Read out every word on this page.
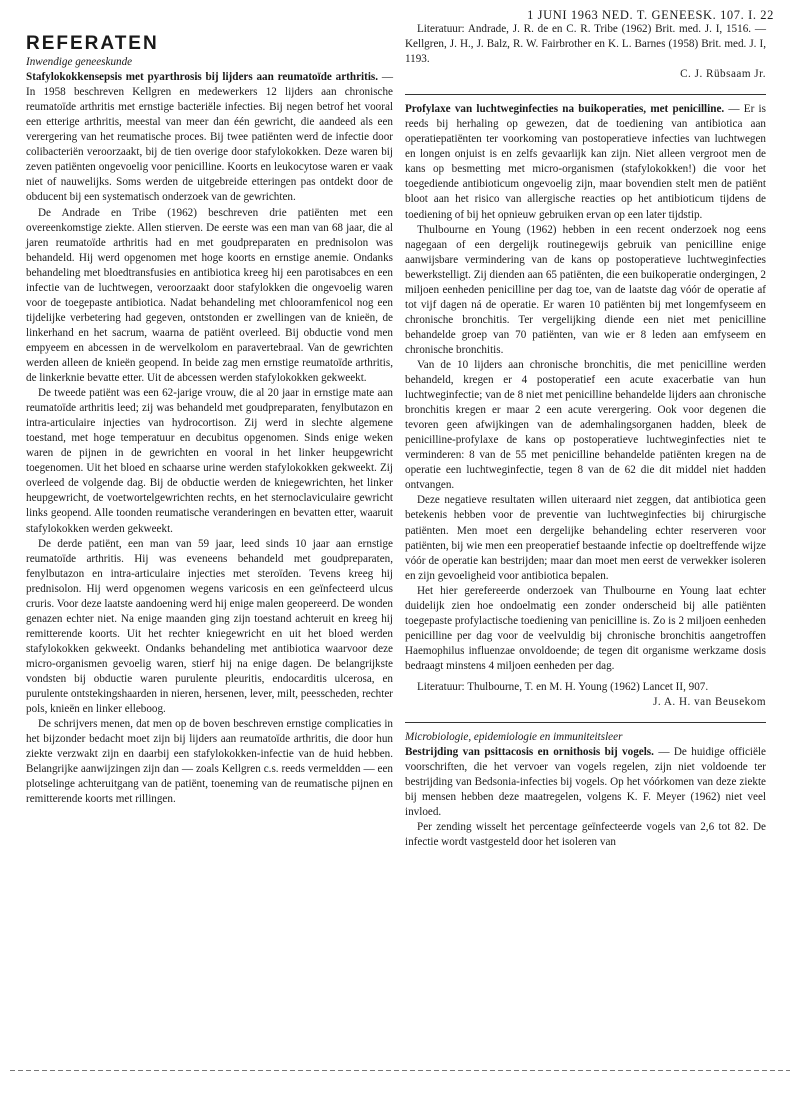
1 JUNI 1963 NED. T. GENEESK. 107. I. 22
REFERATEN

Inwendige geneeskunde

Stafylokokkensepsis met pyarthrosis bij lijders aan reumatoïde arthritis. — In 1958 beschreven Kellgren en medewerkers 12 lijders aan chronische reumatoïde arthritis met ernstige bacteriële infecties. Bij negen betrof het vooral een etterige arthritis, meestal van meer dan één gewricht, die aandeed als een verergering van het reumatische proces. Bij twee patiënten werd de infectie door colibacteriën veroorzaakt, bij de tien overige door stafylokokken. Deze waren bij zeven patiënten ongevoelig voor penicilline. Koorts en leukocytose waren er vaak niet of nauwelijks. Soms werden de uitgebreide etteringen pas ontdekt door de obducent bij een systematisch onderzoek van de gewrichten.

De Andrade en Tribe (1962) beschreven drie patiënten met een overeenkomstige ziekte. Allen stierven. De eerste was een man van 68 jaar, die al jaren reumatoïde arthritis had en met goudpreparaten en prednisolon was behandeld. Hij werd opgenomen met hoge koorts en ernstige anemie. Ondanks behandeling met bloedtransfusies en antibiotica kreeg hij een parotisabces en een infectie van de luchtwegen, veroorzaakt door stafylokken die ongevoelig waren voor de toegepaste antibiotica. Nadat behandeling met chlooramfenicol nog een tijdelijke verbetering had gegeven, ontstonden er zwellingen van de knieën, de linkerhand en het sacrum, waarna de patiënt overleed. Bij obductie vond men empyeem en abcessen in de wervelkolom en paravertebraal. Van de gewrichten werden alleen de knieën geopend. In beide zag men ernstige reumatoïde arthritis, de linkerknie bevatte etter. Uit de abcessen werden stafylokokken gekweekt.

De tweede patiënt was een 62-jarige vrouw, die al 20 jaar in ernstige mate aan reumatoïde arthritis leed; zij was behandeld met goudpreparaten, fenylbutazon en intra-articulaire injecties van hydrocortison. Zij werd in slechte algemene toestand, met hoge temperatuur en decubitus opgenomen. Sinds enige weken waren de pijnen in de gewrichten en vooral in het linker heupgewricht toegenomen. Uit het bloed en schaarse urine werden stafylokokken gekweekt. Zij overleed de volgende dag. Bij de obductie werden de kniegewrichten, het linker heupgewricht, de voetwortelgewrichten rechts, en het sternoclaviculaire gewricht links geopend. Alle toonden reumatische veranderingen en bevatten etter, waaruit stafylokokken werden gekweekt.

De derde patiënt, een man van 59 jaar, leed sinds 10 jaar aan ernstige reumatoïde arthritis. Hij was eveneens behandeld met goudpreparaten, fenylbutazon en intra-articulaire injecties met steroïden. Tevens kreeg hij prednisolon. Hij werd opgenomen wegens varicosis en een geïnfecteerd ulcus cruris. Voor deze laatste aandoening werd hij enige malen geopereerd. De wonden genazen echter niet. Na enige maanden ging zijn toestand achteruit en kreeg hij remitterende koorts. Uit het rechter kniegewricht en uit het bloed werden stafylokokken gekweekt. Ondanks behandeling met antibiotica waarvoor deze micro-organismen gevoelig waren, stierf hij na enige dagen. De belangrijkste vondsten bij obductie waren purulente pleuritis, endocarditis ulcerosa, en purulente ontstekingshaarden in nieren, hersenen, lever, milt, peesscheden, rechter pols, knieën en linker elleboog.

De schrijvers menen, dat men op de boven beschreven ernstige complicaties in het bijzonder bedacht moet zijn bij lijders aan reumatoïde arthritis, die door hun ziekte verzwakt zijn en daarbij een stafylokokken-infectie van de huid hebben. Belangrijke aanwijzingen zijn dan — zoals Kellgren c.s. reeds vermeldden — een plotselinge achteruitgang van de patiënt, toeneming van de reumatische pijnen en remitterende koorts met rillingen.

Literatuur: Andrade, J. R. de en C. R. Tribe (1962) Brit. med. J. I, 1516. — Kellgren, J. H., J. Balz, R. W. Fairbrother en K. L. Barnes (1958) Brit. med. J. I, 1193.

C. J. Rübsaam Jr.

Profylaxe van luchtweginfecties na buikoperaties, met penicilline. — Er is reeds bij herhaling op gewezen, dat de toediening van antibiotica aan operatiepatiënten ter voorkoming van postoperatieve infecties van luchtwegen en longen onjuist is en zelfs gevaarlijk kan zijn. Niet alleen vergroot men de kans op besmetting met micro-organismen (stafylokokken!) die voor het toegediende antibioticum ongevoelig zijn, maar bovendien stelt men de patiënt bloot aan het risico van allergische reacties op het antibioticum tijdens de toediening of bij het opnieuw gebruiken ervan op een later tijdstip.

Thulbourne en Young (1962) hebben in een recent onderzoek nog eens nagegaan of een dergelijk routinegewijs gebruik van penicilline enige aanwijsbare vermindering van de kans op postoperatieve luchtweginfecties bewerkstelligt. Zij dienden aan 65 patiënten, die een buikoperatie ondergingen, 2 miljoen eenheden penicilline per dag toe, van de laatste dag vóór de operatie af tot vijf dagen ná de operatie. Er waren 10 patiënten bij met longemfyseem en chronische bronchitis. Ter vergelijking diende een niet met penicilline behandelde groep van 70 patiënten, van wie er 8 leden aan emfyseem en chronische bronchitis.

Van de 10 lijders aan chronische bronchitis, die met penicilline werden behandeld, kregen er 4 postoperatief een acute exacerbatie van hun luchtweginfectie; van de 8 niet met penicilline behandelde lijders aan chronische bronchitis kregen er maar 2 een acute verergering. Ook voor degenen die tevoren geen afwijkingen van de ademhalingsorganen hadden, bleek de penicilline-profylaxe de kans op postoperatieve luchtweginfecties niet te verminderen: 8 van de 55 met penicilline behandelde patiënten kregen na de operatie een luchtweginfectie, tegen 8 van de 62 die dit middel niet hadden ontvangen.

Deze negatieve resultaten willen uiteraard niet zeggen, dat antibiotica geen betekenis hebben voor de preventie van luchtweginfecties bij chirurgische patiënten. Men moet een dergelijke behandeling echter reserveren voor patiënten, bij wie men een preoperatief bestaande infectie op doeltreffende wijze vóór de operatie kan bestrijden; maar dan moet men eerst de verwekker isoleren en zijn gevoeligheid voor antibiotica bepalen.

Het hier gerefereerde onderzoek van Thulbourne en Young laat echter duidelijk zien hoe ondoelmatig een zonder onderscheid bij alle patiënten toegepaste profylactische toediening van penicilline is. Zo is 2 miljoen eenheden penicilline per dag voor de veelvuldig bij chronische bronchitis aangetroffen Haemophilus influenzae onvoldoende; de tegen dit organisme werkzame dosis bedraagt minstens 4 miljoen eenheden per dag.

Literatuur: Thulbourne, T. en M. H. Young (1962) Lancet II, 907.

J. A. H. van Beusekom

Microbiologie, epidemiologie en immuniteitsleer

Bestrijding van psittacosis en ornithosis bij vogels. — De huidige officiële voorschriften, die het vervoer van vogels regelen, zijn niet voldoende ter bestrijding van Bedsonia-infecties bij vogels. Op het vóórkomen van deze ziekte bij mensen hebben deze maatregelen, volgens K. F. Meyer (1962) niet veel invloed.

Per zending wisselt het percentage geïnfecteerde vogels van 2,6 tot 82. De infectie wordt vastgesteld door het isoleren van
